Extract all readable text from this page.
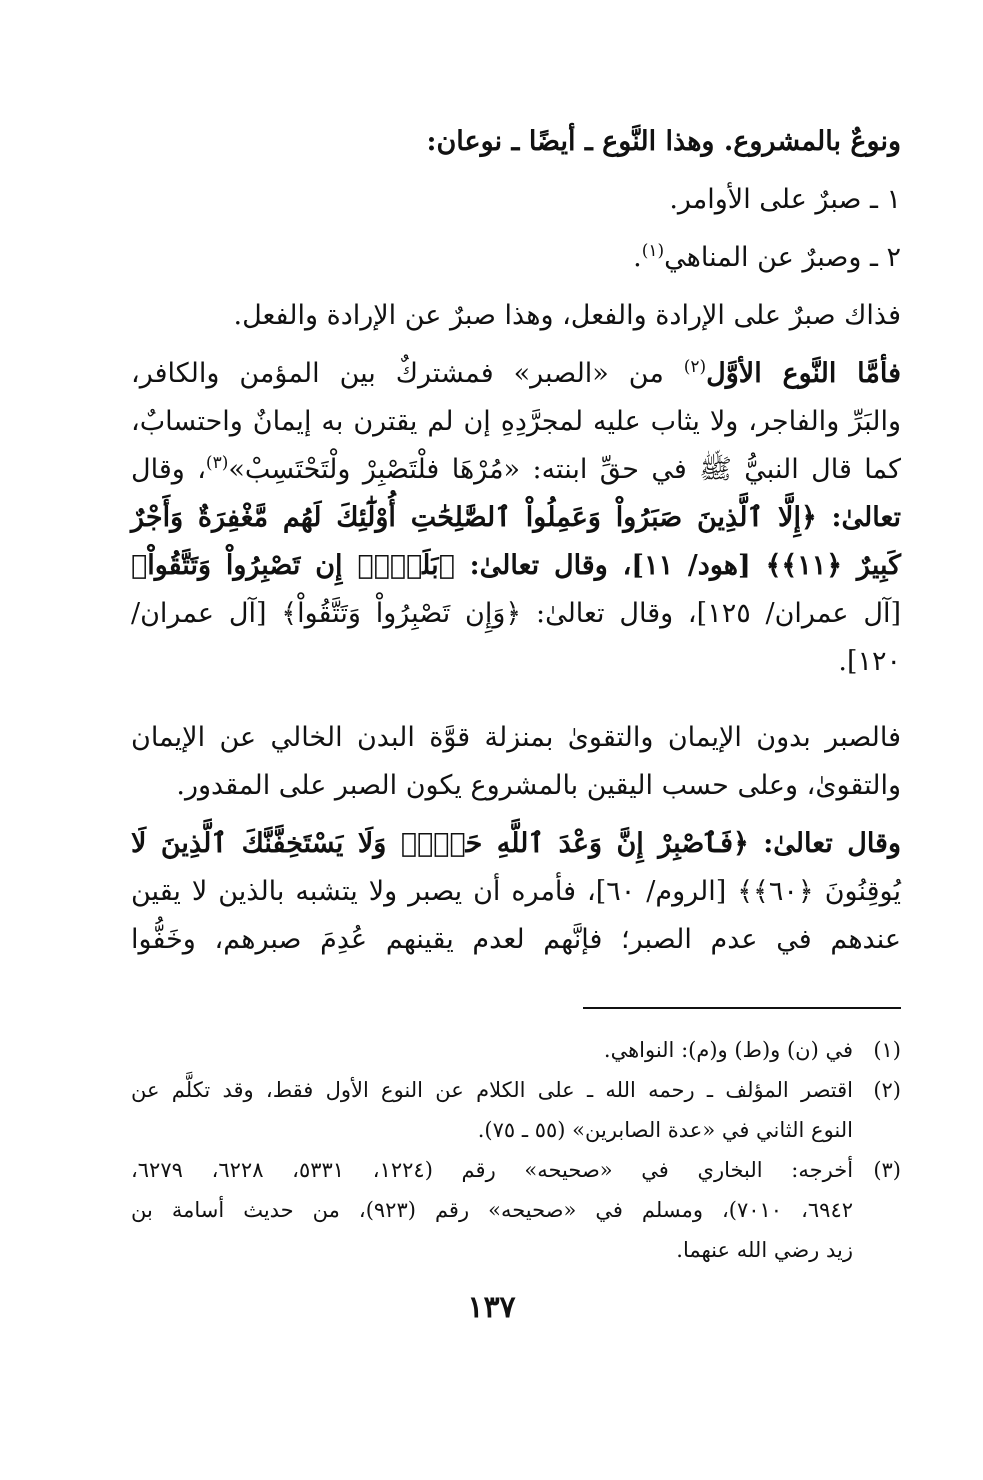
ونوعٌ بالمشروع. وهذا النَّوع ـ أيضًا ـ نوعان:
١ ـ صبرٌ على الأوامر.
٢ ـ وصبرٌ عن المناهي$^{(١)}$.
فذاك صبرٌ على الإرادة والفعل، وهذا صبرٌ عن الإرادة والفعل.
فأمَّا النَّوع الأوَّل$^{(٢)}$ من «الصبر» فمشتركٌ بين المؤمن والكافر،
والبَرِّ والفاجر، ولا يثاب عليه لمجرَّدِهِ إن لم يقترن به إيمانٌ واحتسابٌ،
كما قال النبيُّ ﷺ في حقِّ ابنته: «مُرْهَا فلْتَصْبِرْ ولْتَحْتَسِبْ»$^{(٣)}$، وقال
تعالىٰ: ﴿إِلَّا ٱلَّذِينَ صَبَرُواْ وَعَمِلُواْ ٱلصَّٰلِحَٰتِ أُوْلَٰٓئِكَ لَهُم مَّغْفِرَةٌ وَأَجْرٌ
كَبِيرٌ ﴿١١﴾﴾ [هود/ ١١]، وقال تعالىٰ: ﴿بَلَىٰٓۚ إِن تَصْبِرُواْ وَتَتَّقُواْ﴾
[آل عمران/ ١٢٥]، وقال تعالىٰ: ﴿وَإِن تَصْبِرُواْ وَتَتَّقُواْ﴾ [آل عمران/ ١٢٠].
فالصبر بدون الإيمان والتقوىٰ بمنزلة قوَّة البدن الخالي عن الإيمان
والتقوىٰ، وعلى حسب اليقين بالمشروع يكون الصبر على المقدور.
وقال تعالىٰ: ﴿فَٱصْبِرْ إِنَّ وَعْدَ ٱللَّهِ حَقٌّۖ وَلَا يَسْتَخِفَّنَّكَ ٱلَّذِينَ لَا
يُوقِنُونَ ﴿٦٠﴾﴾ [الروم/ ٦٠]، فأمره أن يصبر ولا يتشبه بالذين لا يقين
عندهم في عدم الصبر؛ فإنَّهم لعدم يقينهم عُدِمَ صبرهم، وخَفُّوا
(١)
في (ن) و(ط) و(م): النواهي.
(٢)
اقتصر المؤلف ـ رحمه الله ـ على الكلام عن النوع الأول فقط، وقد تكلَّم عن
النوع الثاني في «عدة الصابرين» (٥٥ ـ ٧٥).
(٣)
أخرجه: البخاري في «صحيحه» رقم (١٢٢٤، ٥٣٣١، ٦٢٢٨، ٦٢٧٩،
٦٩٤٢، ٧٠١٠)، ومسلم في «صحيحه» رقم (٩٢٣)، من حديث أسامة بن
زيد رضي الله عنهما.
١٣٧
